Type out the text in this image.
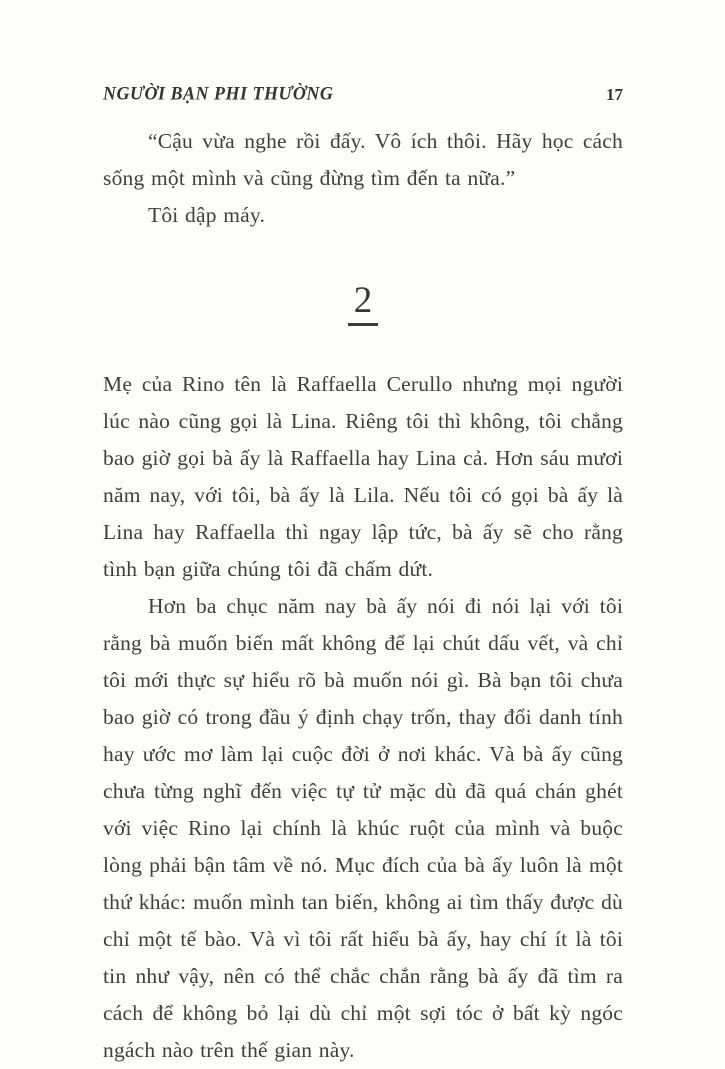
NGƯỜI BẠN PHI THƯỜNG	17

“Cậu vừa nghe rồi đấy. Vô ích thôi. Hãy học cách sống một mình và cũng đừng tìm đến ta nữa.”

Tôi dập máy.

2

Mẹ của Rino tên là Raffaella Cerullo nhưng mọi người lúc nào cũng gọi là Lina. Riêng tôi thì không, tôi chẳng bao giờ gọi bà ấy là Raffaella hay Lina cả. Hơn sáu mươi năm nay, với tôi, bà ấy là Lila. Nếu tôi có gọi bà ấy là Lina hay Raffaella thì ngay lập tức, bà ấy sẽ cho rằng tình bạn giữa chúng tôi đã chấm dứt.

Hơn ba chục năm nay bà ấy nói đi nói lại với tôi rằng bà muốn biến mất không để lại chút dấu vết, và chỉ tôi mới thực sự hiểu rõ bà muốn nói gì. Bà bạn tôi chưa bao giờ có trong đầu ý định chạy trốn, thay đổi danh tính hay ước mơ làm lại cuộc đời ở nơi khác. Và bà ấy cũng chưa từng nghĩ đến việc tự tử mặc dù đã quá chán ghét với việc Rino lại chính là khúc ruột của mình và buộc lòng phải bận tâm về nó. Mục đích của bà ấy luôn là một thứ khác: muốn mình tan biến, không ai tìm thấy được dù chỉ một tế bào. Và vì tôi rất hiểu bà ấy, hay chí ít là tôi tin như vậy, nên có thể chắc chắn rằng bà ấy đã tìm ra cách để không bỏ lại dù chỉ một sợi tóc ở bất kỳ ngóc ngách nào trên thế gian này.
